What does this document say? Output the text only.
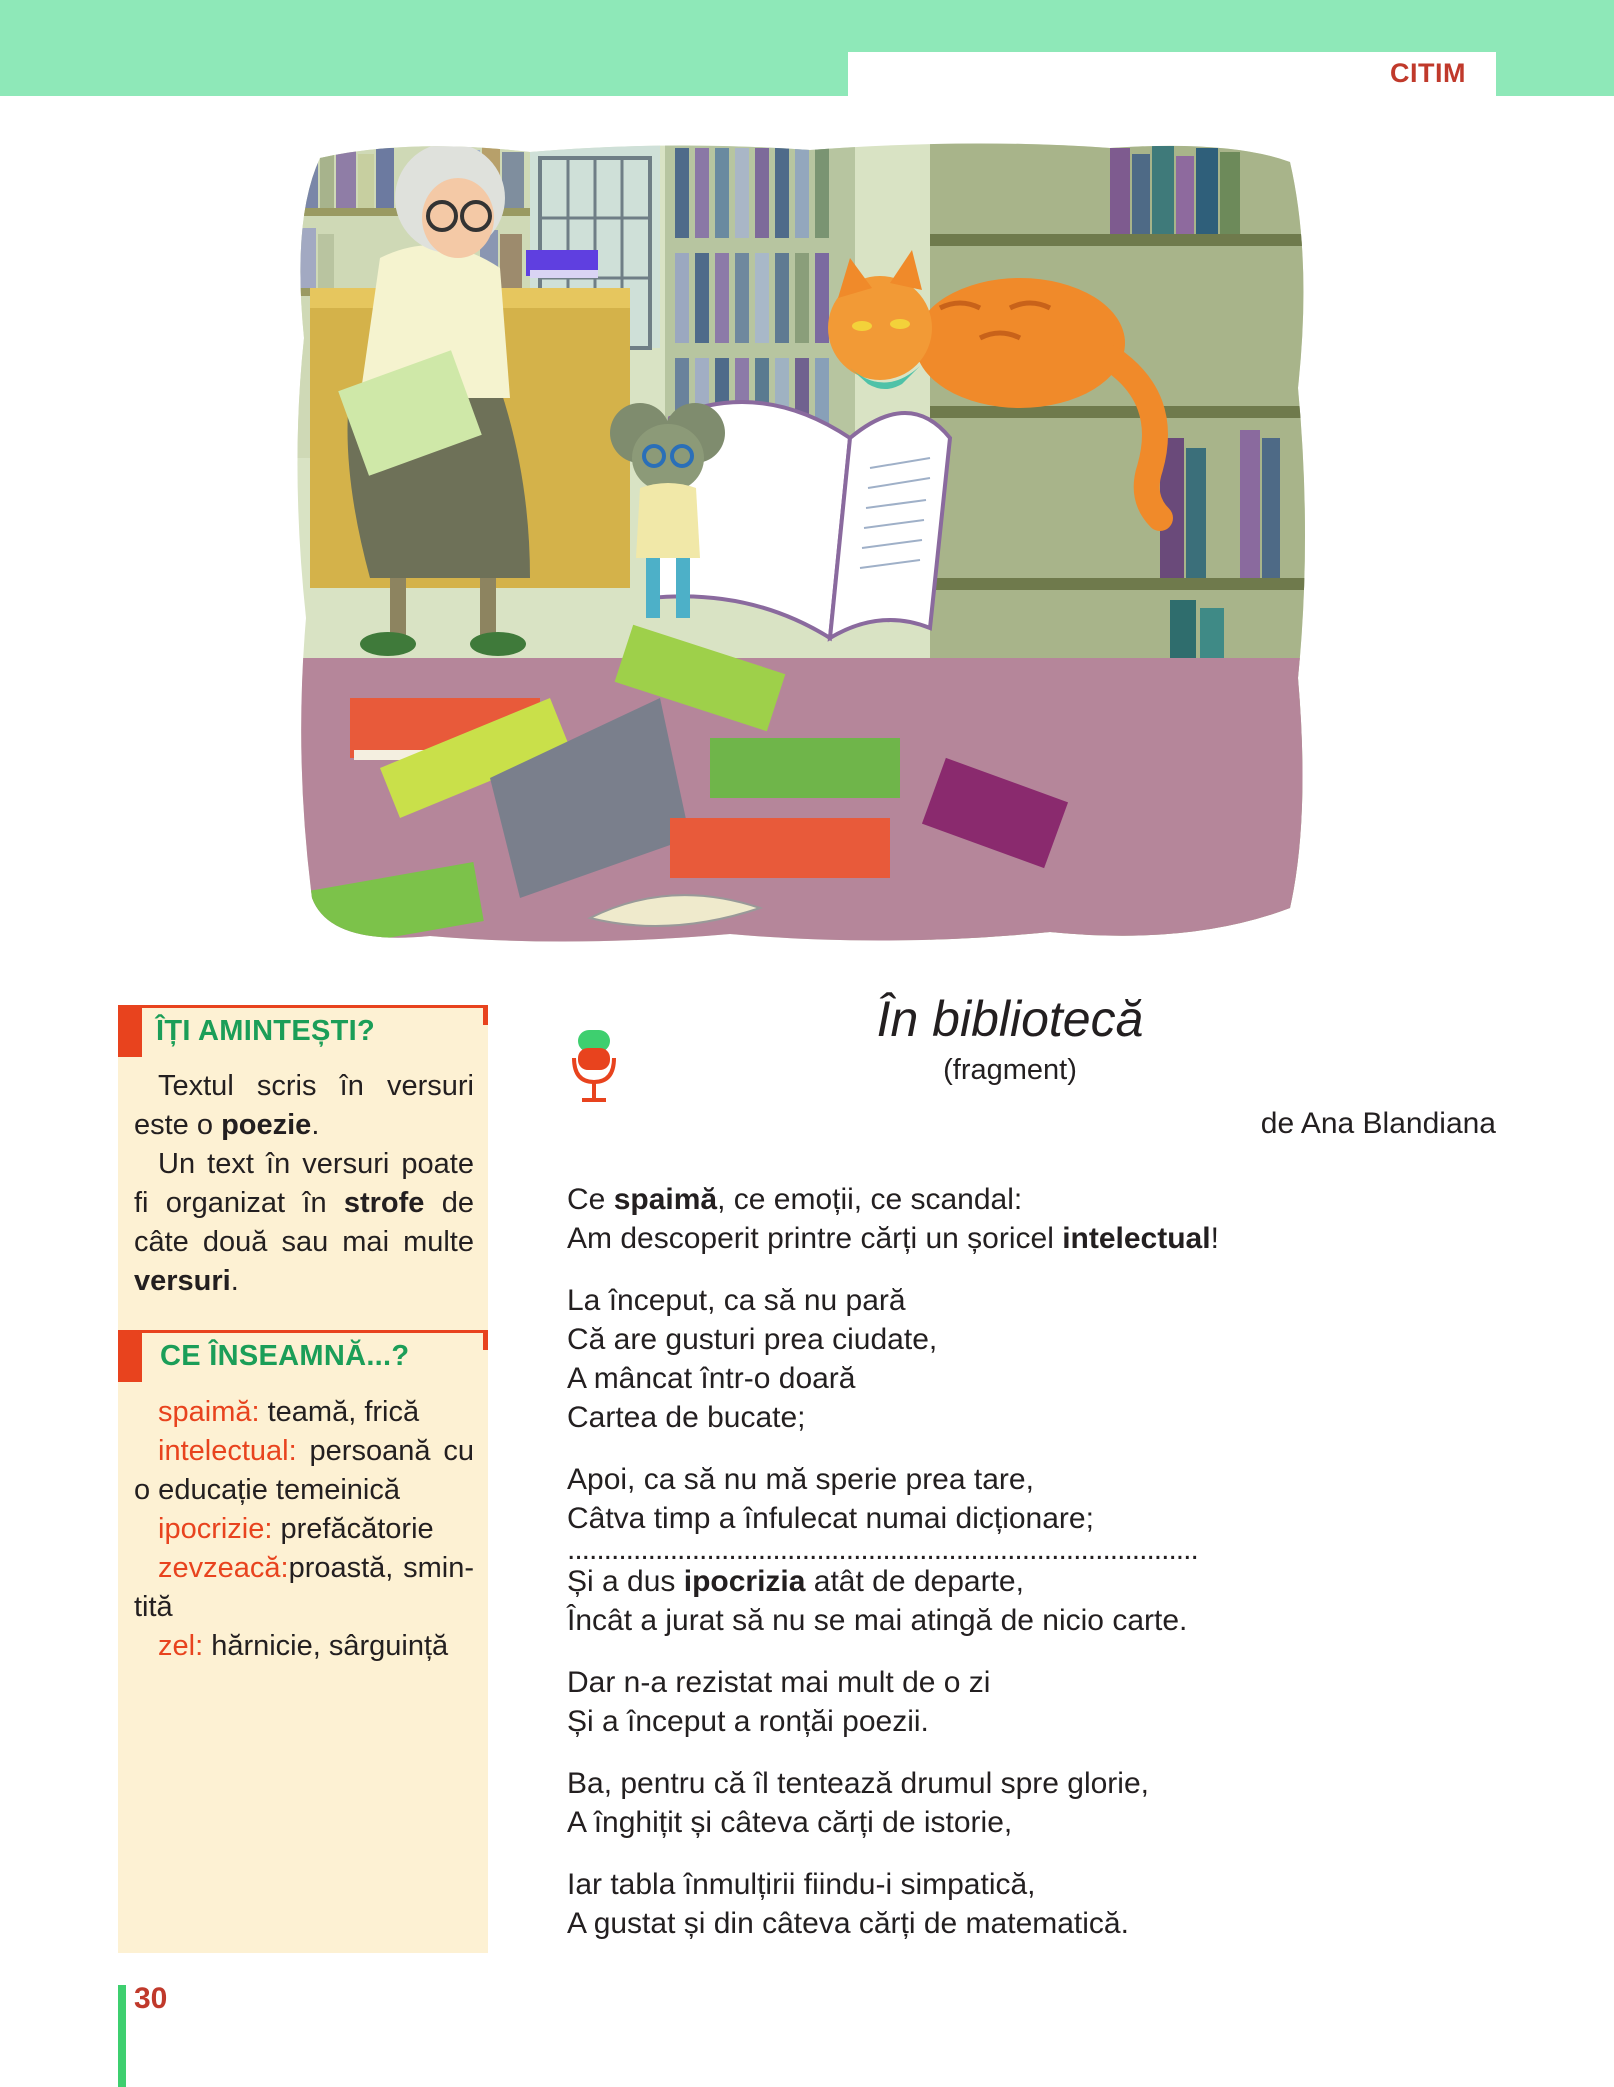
CITIM
ÎȚI AMINTEȘTI?

Textul scris în versuri este o poezie.

Un text în versuri poate fi organizat în strofe de câte două sau mai multe versuri.

CE ÎNSEAMNĂ...?

spaimă: teamă, frică

intelectual: persoană cu o educație temeinică

ipocrizie: prefăcătorie

zevzeacă:proastă, smintită

zel: hărnicie, sârguință

În bibliotecă
(fragment)
de Ana Blandiana
Ce spaimă, ce emoții, ce scandal:
Am descoperit printre cărți un șoricel intelectual!
La început, ca să nu pară
Că are gusturi prea ciudate,
A mâncat într-o doară
Cartea de bucate;
Apoi, ca să nu mă sperie prea tare,
Câtva timp a înfulecat numai dicționare;
......................................................................................
Și a dus ipocrizia atât de departe,
Încât a jurat să nu se mai atingă de nicio carte.
Dar n-a rezistat mai mult de o zi
Și a început a ronțăi poezii.
Ba, pentru că îl tentează drumul spre glorie,
A înghițit și câteva cărți de istorie,
Iar tabla înmulțirii fiindu-i simpatică,
A gustat și din câteva cărți de matematică.
30
